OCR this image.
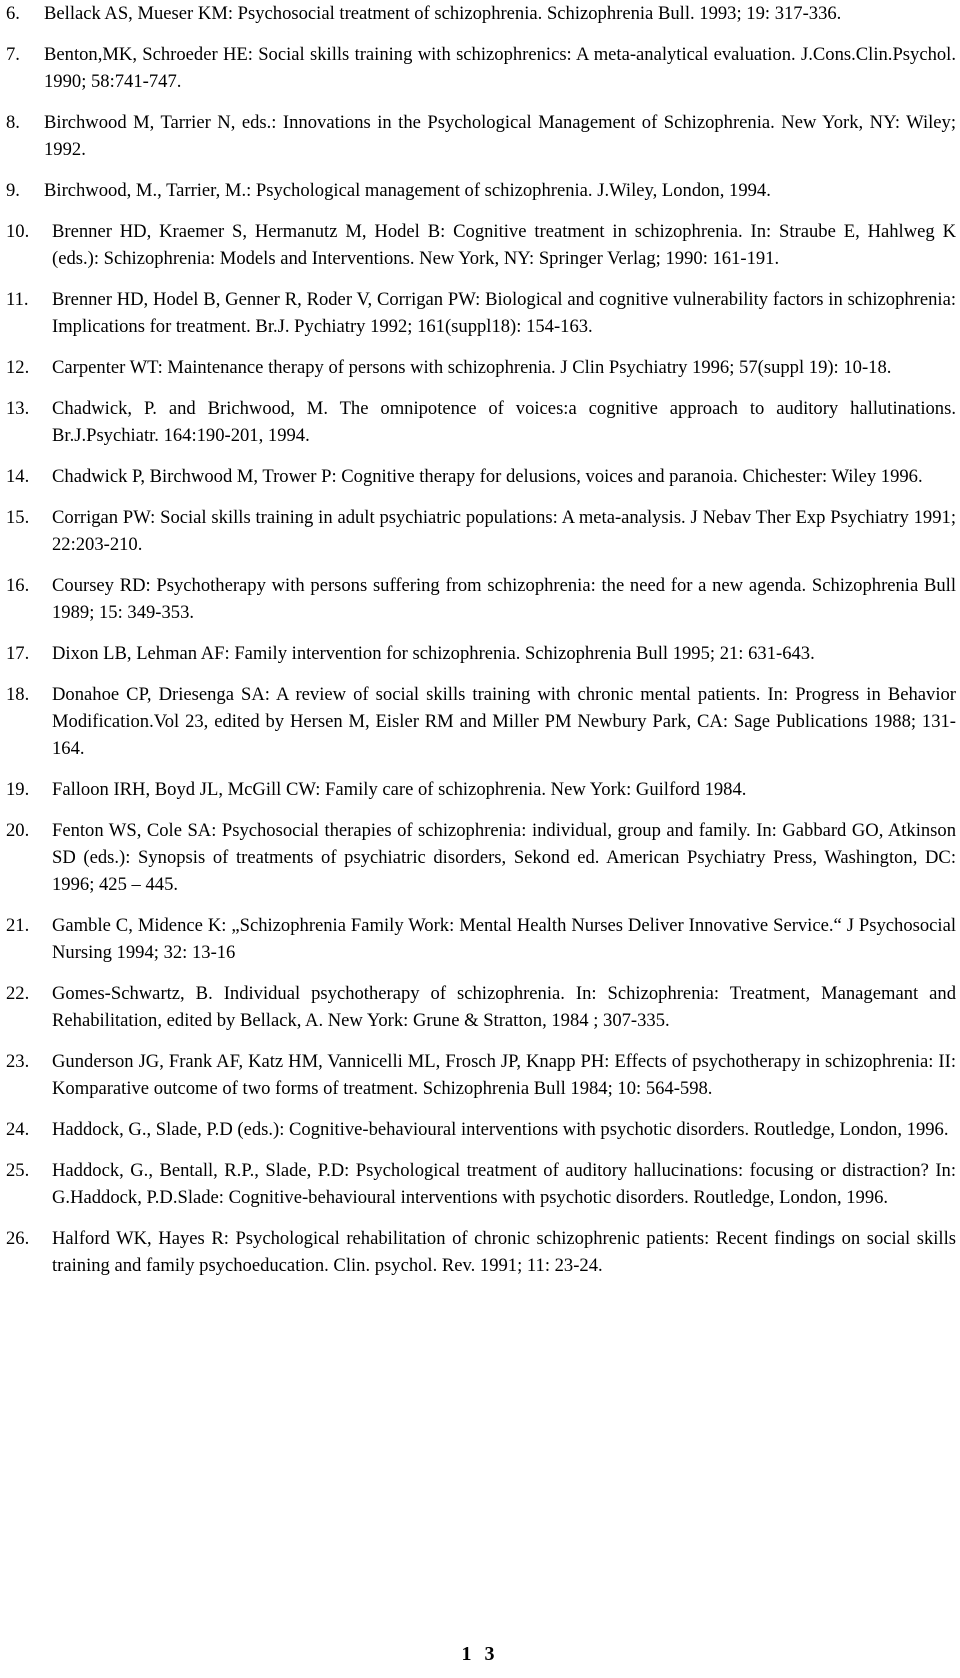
6. Bellack AS, Mueser KM: Psychosocial treatment of schizophrenia. Schizophrenia Bull. 1993; 19: 317-336.
7. Benton,MK, Schroeder HE: Social skills training with schizophrenics: A meta-analytical evaluation. J.Cons.Clin.Psychol. 1990; 58:741-747.
8. Birchwood M, Tarrier N, eds.: Innovations in the Psychological Management of Schizophrenia. New York, NY: Wiley; 1992.
9. Birchwood, M., Tarrier, M.: Psychological management of schizophrenia. J.Wiley, London, 1994.
10. Brenner HD, Kraemer S, Hermanutz M, Hodel B: Cognitive treatment in schizophrenia. In: Straube E, Hahlweg K (eds.): Schizophrenia: Models and Interventions. New York, NY: Springer Verlag; 1990: 161-191.
11. Brenner HD, Hodel B, Genner R, Roder V, Corrigan PW: Biological and cognitive vulnerability factors in schizophrenia: Implications for treatment. Br.J. Pychiatry 1992; 161(suppl18): 154-163.
12. Carpenter WT: Maintenance therapy of persons with schizophrenia. J Clin Psychiatry 1996; 57(suppl 19): 10-18.
13. Chadwick, P. and Brichwood, M. The omnipotence of voices:a cognitive approach to auditory hallutinations. Br.J.Psychiatr. 164:190-201, 1994.
14. Chadwick P, Birchwood M, Trower P: Cognitive therapy for delusions, voices and paranoia. Chichester: Wiley 1996.
15. Corrigan PW: Social skills training in adult psychiatric populations: A meta-analysis. J Nebav Ther Exp Psychiatry 1991; 22:203-210.
16. Coursey RD: Psychotherapy with persons suffering from schizophrenia: the need for a new agenda. Schizophrenia Bull 1989; 15: 349-353.
17. Dixon LB, Lehman AF: Family intervention for schizophrenia. Schizophrenia Bull 1995; 21: 631-643.
18. Donahoe CP, Driesenga SA: A review of social skills training with chronic mental patients. In: Progress in Behavior Modification.Vol 23, edited by Hersen M, Eisler RM and Miller PM Newbury Park, CA: Sage Publications 1988; 131-164.
19. Falloon IRH, Boyd JL, McGill CW: Family care of schizophrenia. New York: Guilford 1984.
20. Fenton WS, Cole SA: Psychosocial therapies of schizophrenia: individual, group and family. In: Gabbard GO, Atkinson SD (eds.): Synopsis of treatments of psychiatric disorders, Sekond ed. American Psychiatry Press, Washington, DC: 1996; 425 – 445.
21. Gamble C, Midence K: „Schizophrenia Family Work: Mental Health Nurses Deliver Innovative Service.“ J Psychosocial Nursing 1994; 32: 13-16
22. Gomes-Schwartz, B. Individual psychotherapy of schizophrenia. In: Schizophrenia: Treatment, Managemant and Rehabilitation, edited by Bellack, A. New York: Grune & Stratton, 1984 ; 307-335.
23. Gunderson JG, Frank AF, Katz HM, Vannicelli ML, Frosch JP, Knapp PH: Effects of psychotherapy in schizophrenia: II: Komparative outcome of two forms of treatment. Schizophrenia Bull 1984; 10: 564-598.
24. Haddock, G., Slade, P.D (eds.): Cognitive-behavioural interventions with psychotic disorders. Routledge, London, 1996.
25. Haddock, G., Bentall, R.P., Slade, P.D: Psychological treatment of auditory hallucinations: focusing or distraction? In: G.Haddock, P.D.Slade: Cognitive-behavioural interventions with psychotic disorders. Routledge, London, 1996.
26. Halford WK, Hayes R: Psychological rehabilitation of chronic schizophrenic patients: Recent findings on social skills training and family psychoeducation. Clin. psychol. Rev. 1991; 11: 23-24.
1 3
